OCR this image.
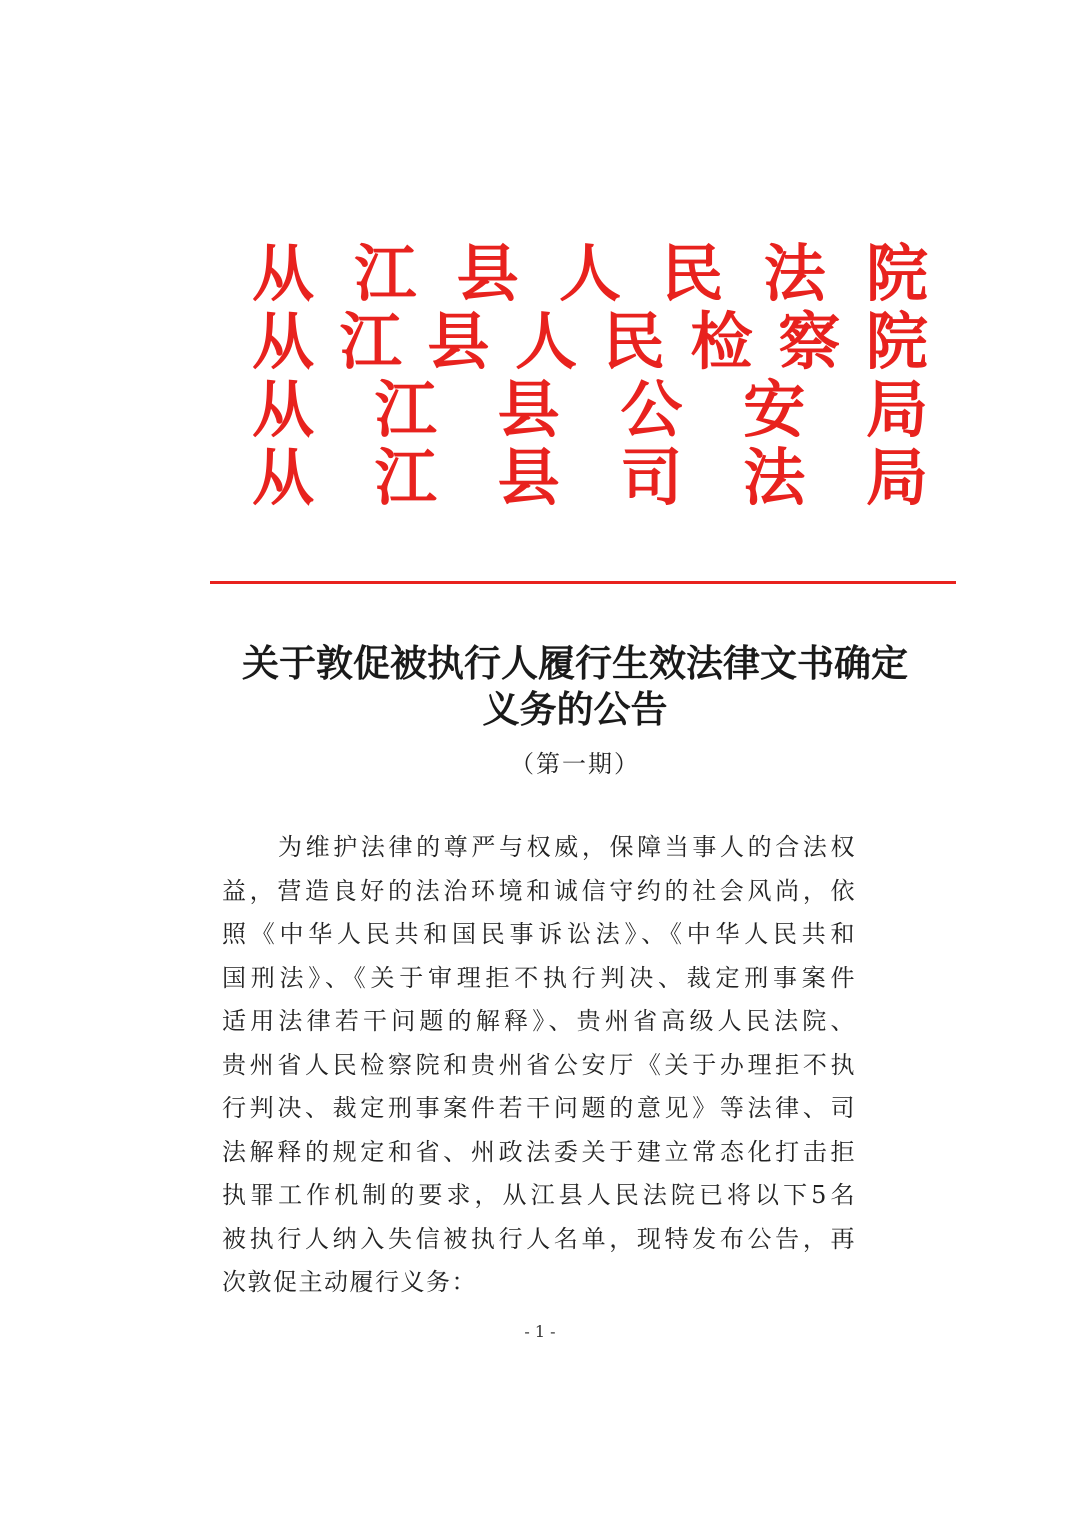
从 江 县 人 民 法 院
从 江 县 人 民 检 察 院
从 江 县 公 安 局
从 江 县 司 法 局
关于敦促被执行人履行生效法律文书确定
义务的公告
（第一期）
为维护法律的尊严与权威，保障当事人的合法权
益，营造良好的法治环境和诚信守约的社会风尚，依
照《中华人民共和国民事诉讼法》、《中华人民共和
国刑法》、《关于审理拒不执行判决、裁定刑事案件
适用法律若干问题的解释》、贵州省高级人民法院、
贵州省人民检察院和贵州省公安厅《关于办理拒不执
行判决、裁定刑事案件若干问题的意见》等法律、司
法解释的规定和省、州政法委关于建立常态化打击拒
执罪工作机制的要求，从江县人民法院已将以下5名
被执行人纳入失信被执行人名单，现特发布公告，再
次敦促主动履行义务：
- 1 -
